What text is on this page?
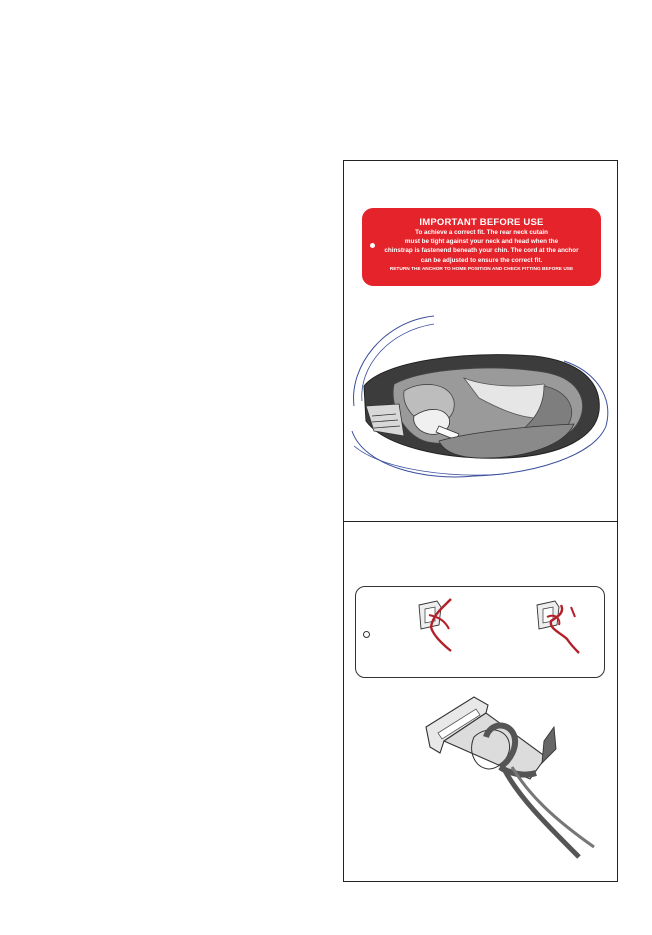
IMPORTANT BEFORE USE
To achieve a correct fit. The rear neck cutain
must be tight against your neck and head when the
chinstrap is fastenend beneath your chin. The cord at the anchor
can be adjusted to ensure the correct fit.
RETURN THE ANCHOR TO HOME POSITION AND CHECK FITTING BEFORE USE
